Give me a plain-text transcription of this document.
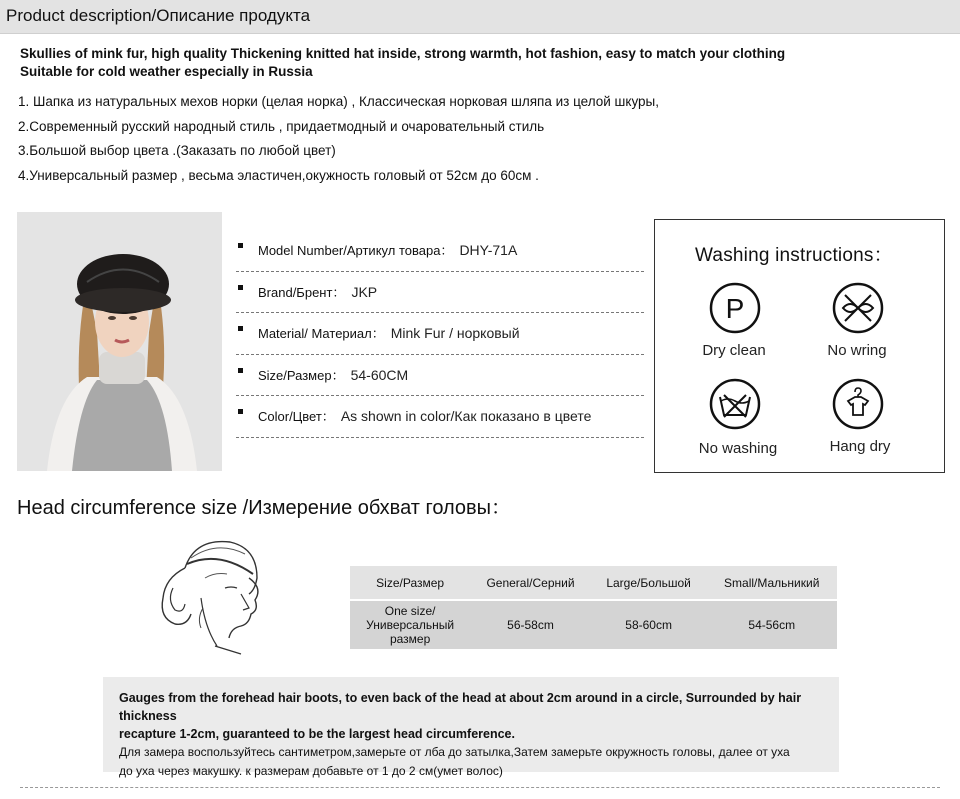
Product description/Описание продукта
Skullies of mink fur, high quality Thickening knitted hat inside, strong warmth, hot fashion, easy to match your clothing
Suitable for cold weather especially in Russia
1. Шапка из натуральных мехов норки (целая норка) , Классическая норковая шляпа из целой шкуры,
2.Современный русский народный стиль , придаетмодный и очаровательный стиль
3.Большой выбор цвета .(Заказать по любой цвет)
4.Универсальный размер , весьма эластичен,окужность головый от 52см до 60см .
Model Number/Артикул товара： DHY-71A
Brand/Брент： JKP
Material/ Материал： Mink Fur / норковый
Size/Размер： 54-60CM
Color/Цвет： As shown in color/Как показано в цвете
Washing instructions：
P
Dry clean	No wring
No washing	Hang dry
Head circumference size /Измерение обхват головы：
Size/Размер	General/Серний	Large/Большой	Small/Мальникий

One size/
Универсальный
размер	56-58cm	58-60cm	54-56cm
Gauges from the forehead hair boots, to even back of the head at about 2cm around in a circle, Surrounded by hair thickness
recapture 1-2cm, guaranteed to be the largest head circumference.
Для замера воспользуйтесь сантиметром,замерьте от лба до затылка,Затем замерьте окружность головы, далее от уха
до уха через макушку. к размерам добавьте от 1 до 2 см(умет волос)
